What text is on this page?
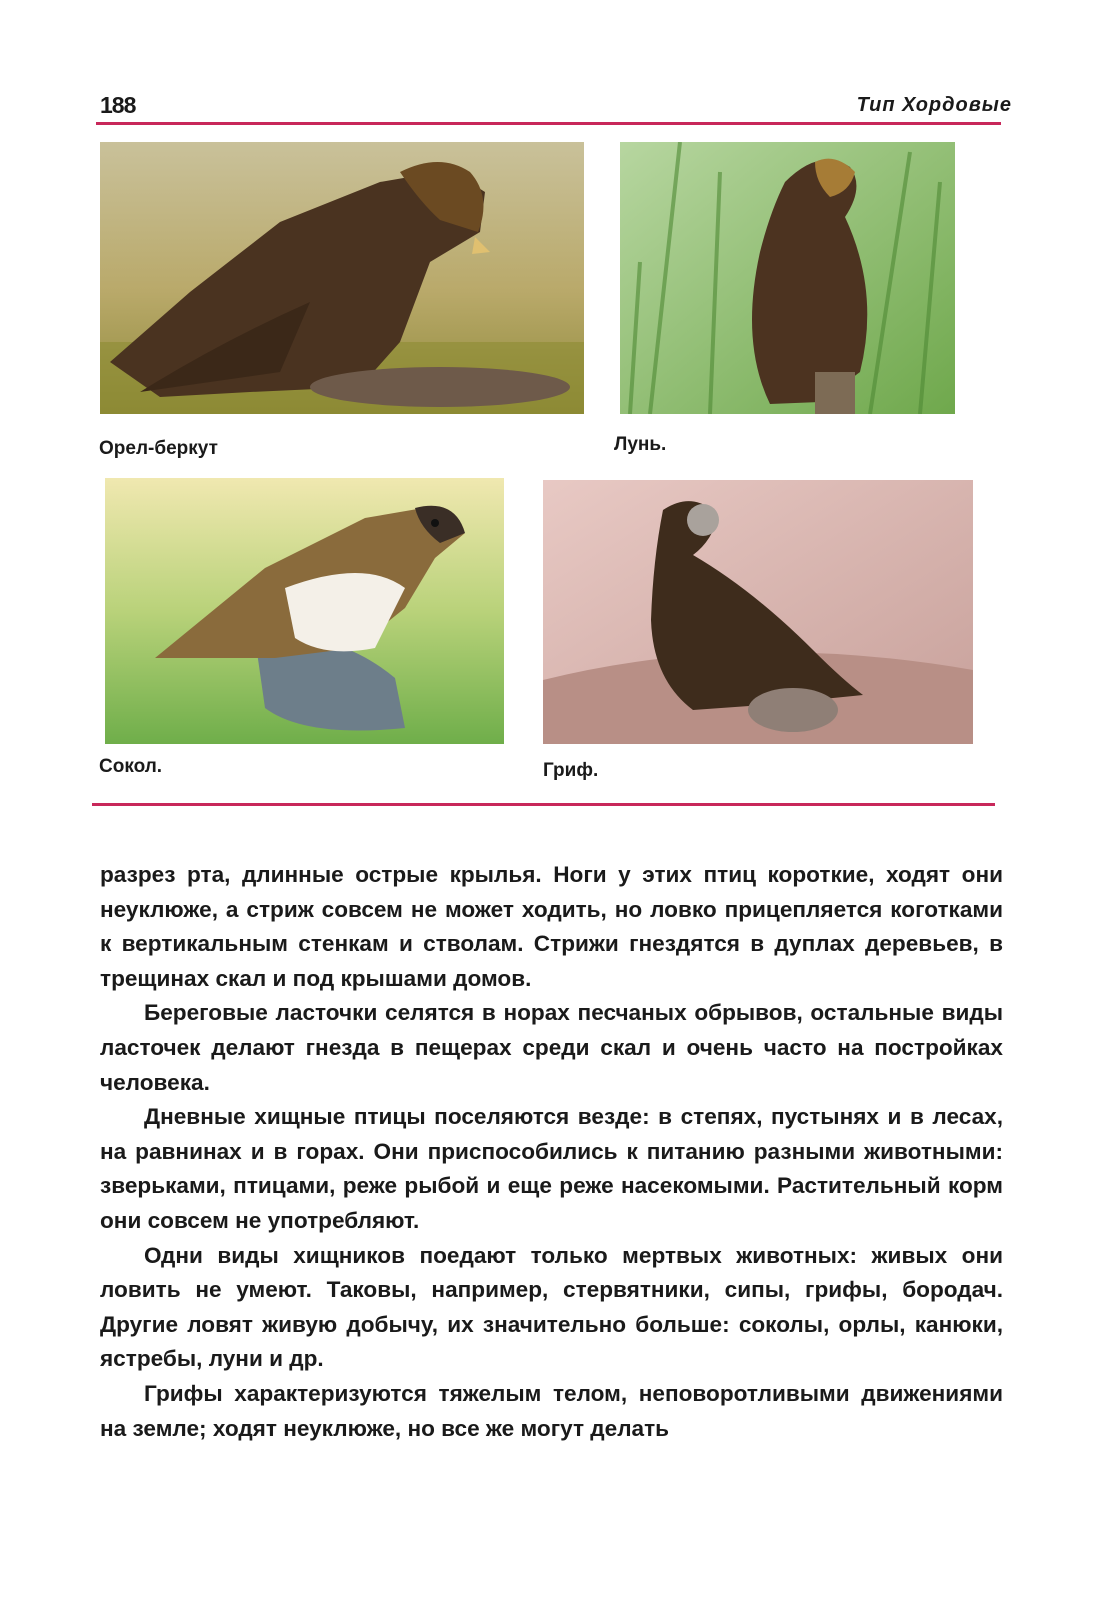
188	Тип Хордовые
Орел-беркут	Лунь.
Сокол.	Гриф.

разрез рта, длинные острые крылья. Ноги у этих птиц короткие, ходят они неуклюже, а стриж совсем не может ходить, но ловко прицепляется коготками к вертикальным стенкам и стволам. Стрижи гнездятся в дуплах деревьев, в трещинах скал и под крышами домов.

Береговые ласточки селятся в норах песчаных обрывов, остальные виды ласточек делают гнезда в пещерах среди скал и очень часто на постройках человека.

Дневные хищные птицы поселяются везде: в степях, пустынях и в лесах, на равнинах и в горах. Они приспособились к питанию разными животными: зверьками, птицами, реже рыбой и еще реже насекомыми. Растительный корм они совсем не употребляют.

Одни виды хищников поедают только мертвых животных: живых они ловить не умеют. Таковы, например, стервятники, сипы, грифы, бородач. Другие ловят живую добычу, их значительно больше: соколы, орлы, канюки, ястребы, луни и др.

Грифы характеризуются тяжелым телом, неповоротливыми движениями на земле; ходят неуклюже, но все же могут делать
